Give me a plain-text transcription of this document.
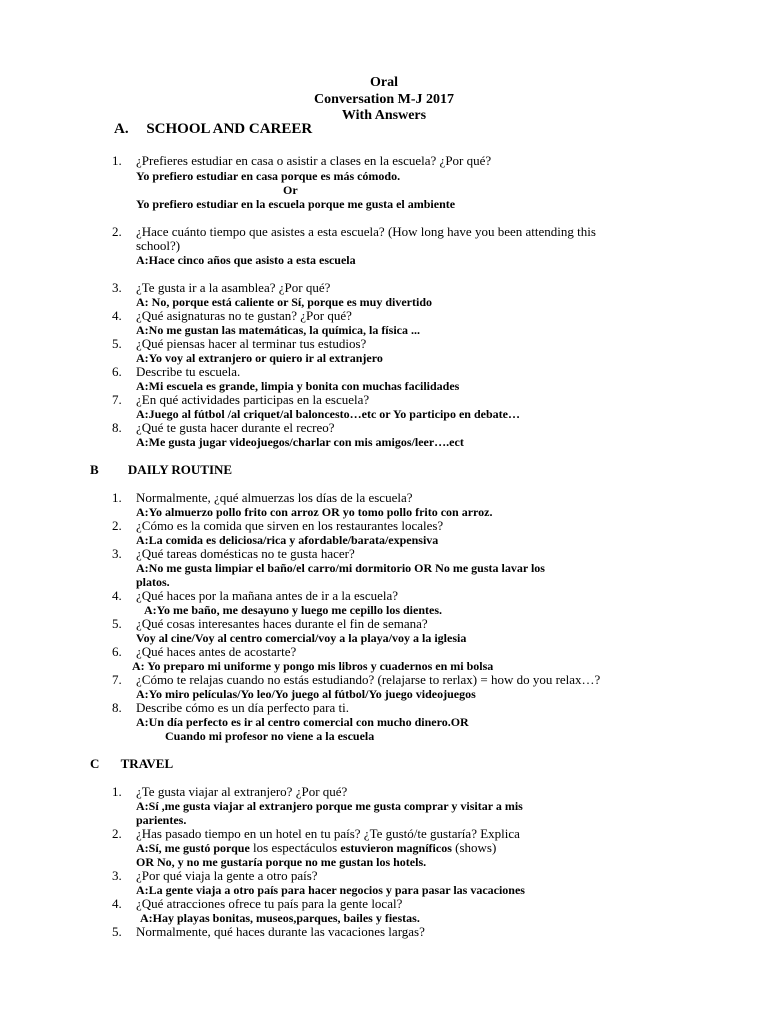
Oral
Conversation M-J 2017
With Answers
A. SCHOOL AND CAREER
1. ¿Prefieres estudiar en casa o asistir a clases en la escuela? ¿Por qué?
Yo prefiero estudiar en casa porque es más cómodo.
Or
Yo prefiero estudiar en la escuela porque me gusta el ambiente
2. ¿Hace cuánto tiempo que asistes a esta escuela? (How long have you been attending this
school?)
A:Hace cinco años que asisto a esta escuela
3. ¿Te gusta ir a la asamblea? ¿Por qué?
A: No, porque está caliente or Sí, porque es muy divertido
4. ¿Qué asignaturas no te gustan? ¿Por qué?
A:No me gustan las matemáticas, la química, la física ...
5. ¿Qué piensas hacer al terminar tus estudios?
A:Yo voy al extranjero or quiero ir al extranjero
6. Describe tu escuela.
A:Mi escuela es grande, limpia y bonita con muchas facilidades
7. ¿En qué actividades participas en la escuela?
A:Juego al fútbol /al criquet/al baloncesto…etc or Yo participo en debate…
8. ¿Qué te gusta hacer durante el recreo?
A:Me gusta jugar videojuegos/charlar con mis amigos/leer….ect
B DAILY ROUTINE
1. Normalmente, ¿qué almuerzas los días de la escuela?
A:Yo almuerzo pollo frito con arroz OR yo tomo pollo frito con arroz.
2. ¿Cómo es la comida que sirven en los restaurantes locales?
A:La comida es deliciosa/rica y afordable/barata/expensiva
3. ¿Qué tareas domésticas no te gusta hacer?
A:No me gusta limpiar el baño/el carro/mi dormitorio OR No me gusta lavar los
platos.
4. ¿Qué haces por la mañana antes de ir a la escuela?
A:Yo me baño, me desayuno y luego me cepillo los dientes.
5. ¿Qué cosas interesantes haces durante el fin de semana?
Voy al cine/Voy al centro comercial/voy a la playa/voy a la iglesia
6. ¿Qué haces antes de acostarte?
A: Yo preparo mi uniforme y pongo mis libros y cuadernos en mi bolsa
7. ¿Cómo te relajas cuando no estás estudiando? (relajarse to rerlax) = how do you relax…?
A:Yo miro películas/Yo leo/Yo juego al fútbol/Yo juego videojuegos
8. Describe cómo es un día perfecto para ti.
A:Un día perfecto es ir al centro comercial con mucho dinero.OR
Cuando mi profesor no viene a la escuela
C TRAVEL
1. ¿Te gusta viajar al extranjero? ¿Por qué?
A:Sí ,me gusta viajar al extranjero porque me gusta comprar y visitar a mis
parientes.
2. ¿Has pasado tiempo en un hotel en tu país? ¿Te gustó/te gustaría? Explica
A:Sí, me gustó porque los espectáculos estuvieron magníficos (shows)
OR No, y no me gustaría porque no me gustan los hotels.
3. ¿Por qué viaja la gente a otro país?
A:La gente viaja a otro país para hacer negocios y para pasar las vacaciones
4. ¿Qué atracciones ofrece tu país para la gente local?
A:Hay playas bonitas, museos,parques, bailes y fiestas.
5. Normalmente, qué haces durante las vacaciones largas?
